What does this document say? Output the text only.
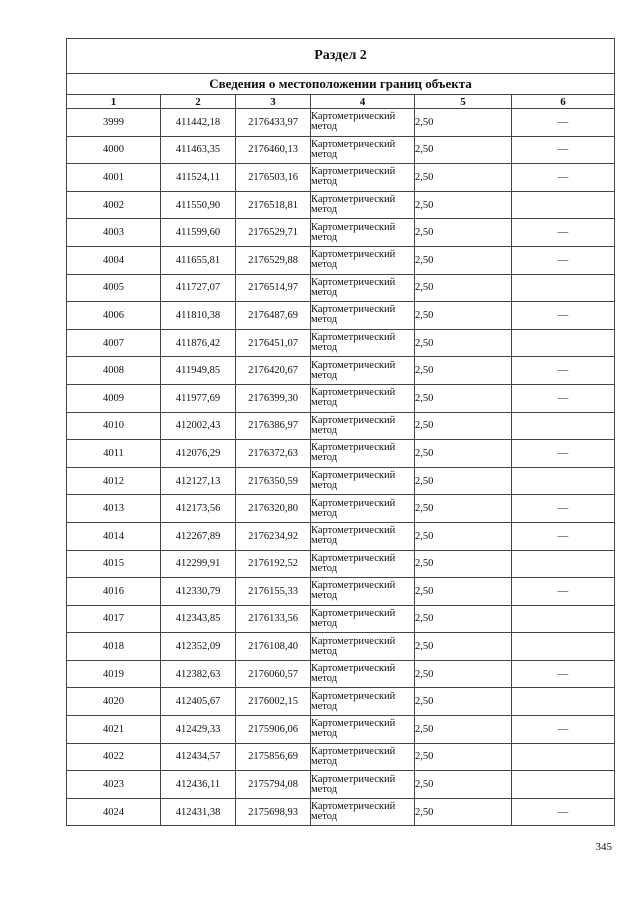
Раздел 2					
Сведения о местоположении границ объекта					
1	2	3	4	5	6
3999	411442,18	2176433,97	Картометрический метод	2,50	—
4000	411463,35	2176460,13	Картометрический метод	2,50	—
4001	411524,11	2176503,16	Картометрический метод	2,50	—
4002	411550,90	2176518,81	Картометрический метод	2,50	
4003	411599,60	2176529,71	Картометрический метод	2,50	—
4004	411655,81	2176529,88	Картометрический метод	2,50	—
4005	411727,07	2176514,97	Картометрический метод	2,50	
4006	411810,38	2176487,69	Картометрический метод	2,50	—
4007	411876,42	2176451,07	Картометрический метод	2,50	
4008	411949,85	2176420,67	Картометрический метод	2,50	—
4009	411977,69	2176399,30	Картометрический метод	2,50	—
4010	412002,43	2176386,97	Картометрический метод	2,50	
4011	412076,29	2176372,63	Картометрический метод	2,50	—
4012	412127,13	2176350,59	Картометрический метод	2,50	
4013	412173,56	2176320,80	Картометрический метод	2,50	—
4014	412267,89	2176234,92	Картометрический метод	2,50	—
4015	412299,91	2176192,52	Картометрический метод	2,50	
4016	412330,79	2176155,33	Картометрический метод	2,50	—
4017	412343,85	2176133,56	Картометрический метод	2,50	
4018	412352,09	2176108,40	Картометрический метод	2,50	
4019	412382,63	2176060,57	Картометрический метод	2,50	—
4020	412405,67	2176002,15	Картометрический метод	2,50	
4021	412429,33	2175906,06	Картометрический метод	2,50	—
4022	412434,57	2175856,69	Картометрический метод	2,50	
4023	412436,11	2175794,08	Картометрический метод	2,50	
4024	412431,38	2175698,93	Картометрический метод	2,50	—
345
